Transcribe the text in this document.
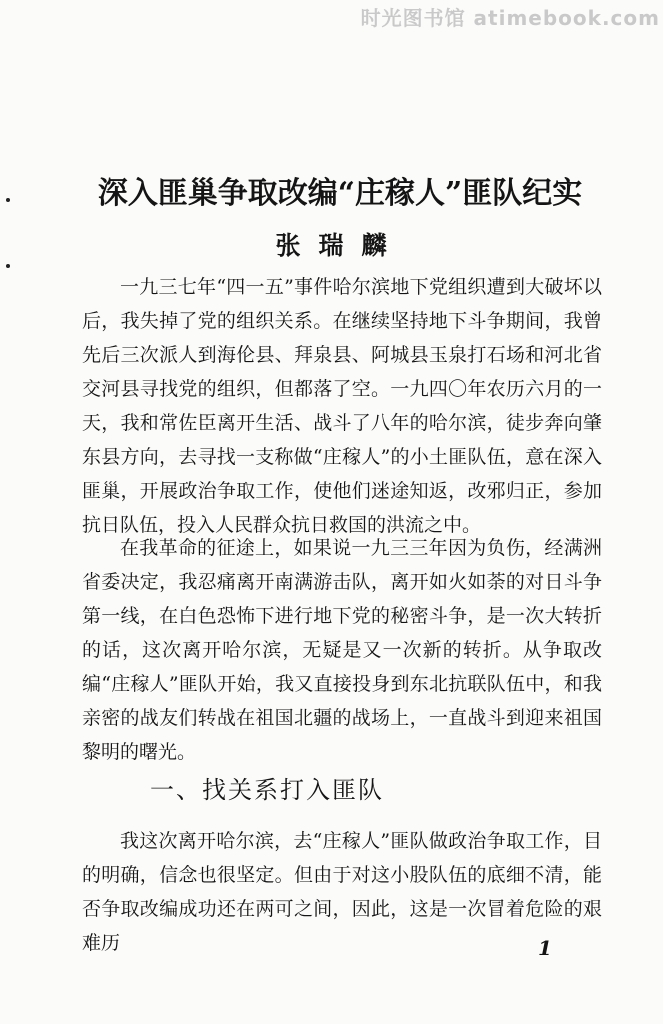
时光图书馆 atimebook.com
深入匪巢争取改编“庄稼人”匪队纪实
张瑞麟

一九三七年“四一五”事件哈尔滨地下党组织遭到大破坏以后，我失掉了党的组织关系。在继续坚持地下斗争期间，我曾先后三次派人到海伦县、拜泉县、阿城县玉泉打石场和河北省交河县寻找党的组织，但都落了空。一九四〇年农历六月的一天，我和常佐臣离开生活、战斗了八年的哈尔滨，徒步奔向肇东县方向，去寻找一支称做“庄稼人”的小土匪队伍，意在深入匪巢，开展政治争取工作，使他们迷途知返，改邪归正，参加抗日队伍，投入人民群众抗日救国的洪流之中。

在我革命的征途上，如果说一九三三年因为负伤，经满洲省委决定，我忍痛离开南满游击队，离开如火如荼的对日斗争第一线，在白色恐怖下进行地下党的秘密斗争，是一次大转折的话，这次离开哈尔滨，无疑是又一次新的转折。从争取改编“庄稼人”匪队开始，我又直接投身到东北抗联队伍中，和我亲密的战友们转战在祖国北疆的战场上，一直战斗到迎来祖国黎明的曙光。

一、找关系打入匪队

我这次离开哈尔滨，去“庄稼人”匪队做政治争取工作，目的明确，信念也很坚定。但由于对这小股队伍的底细不清，能否争取改编成功还在两可之间，因此，这是一次冒着危险的艰难历	1
